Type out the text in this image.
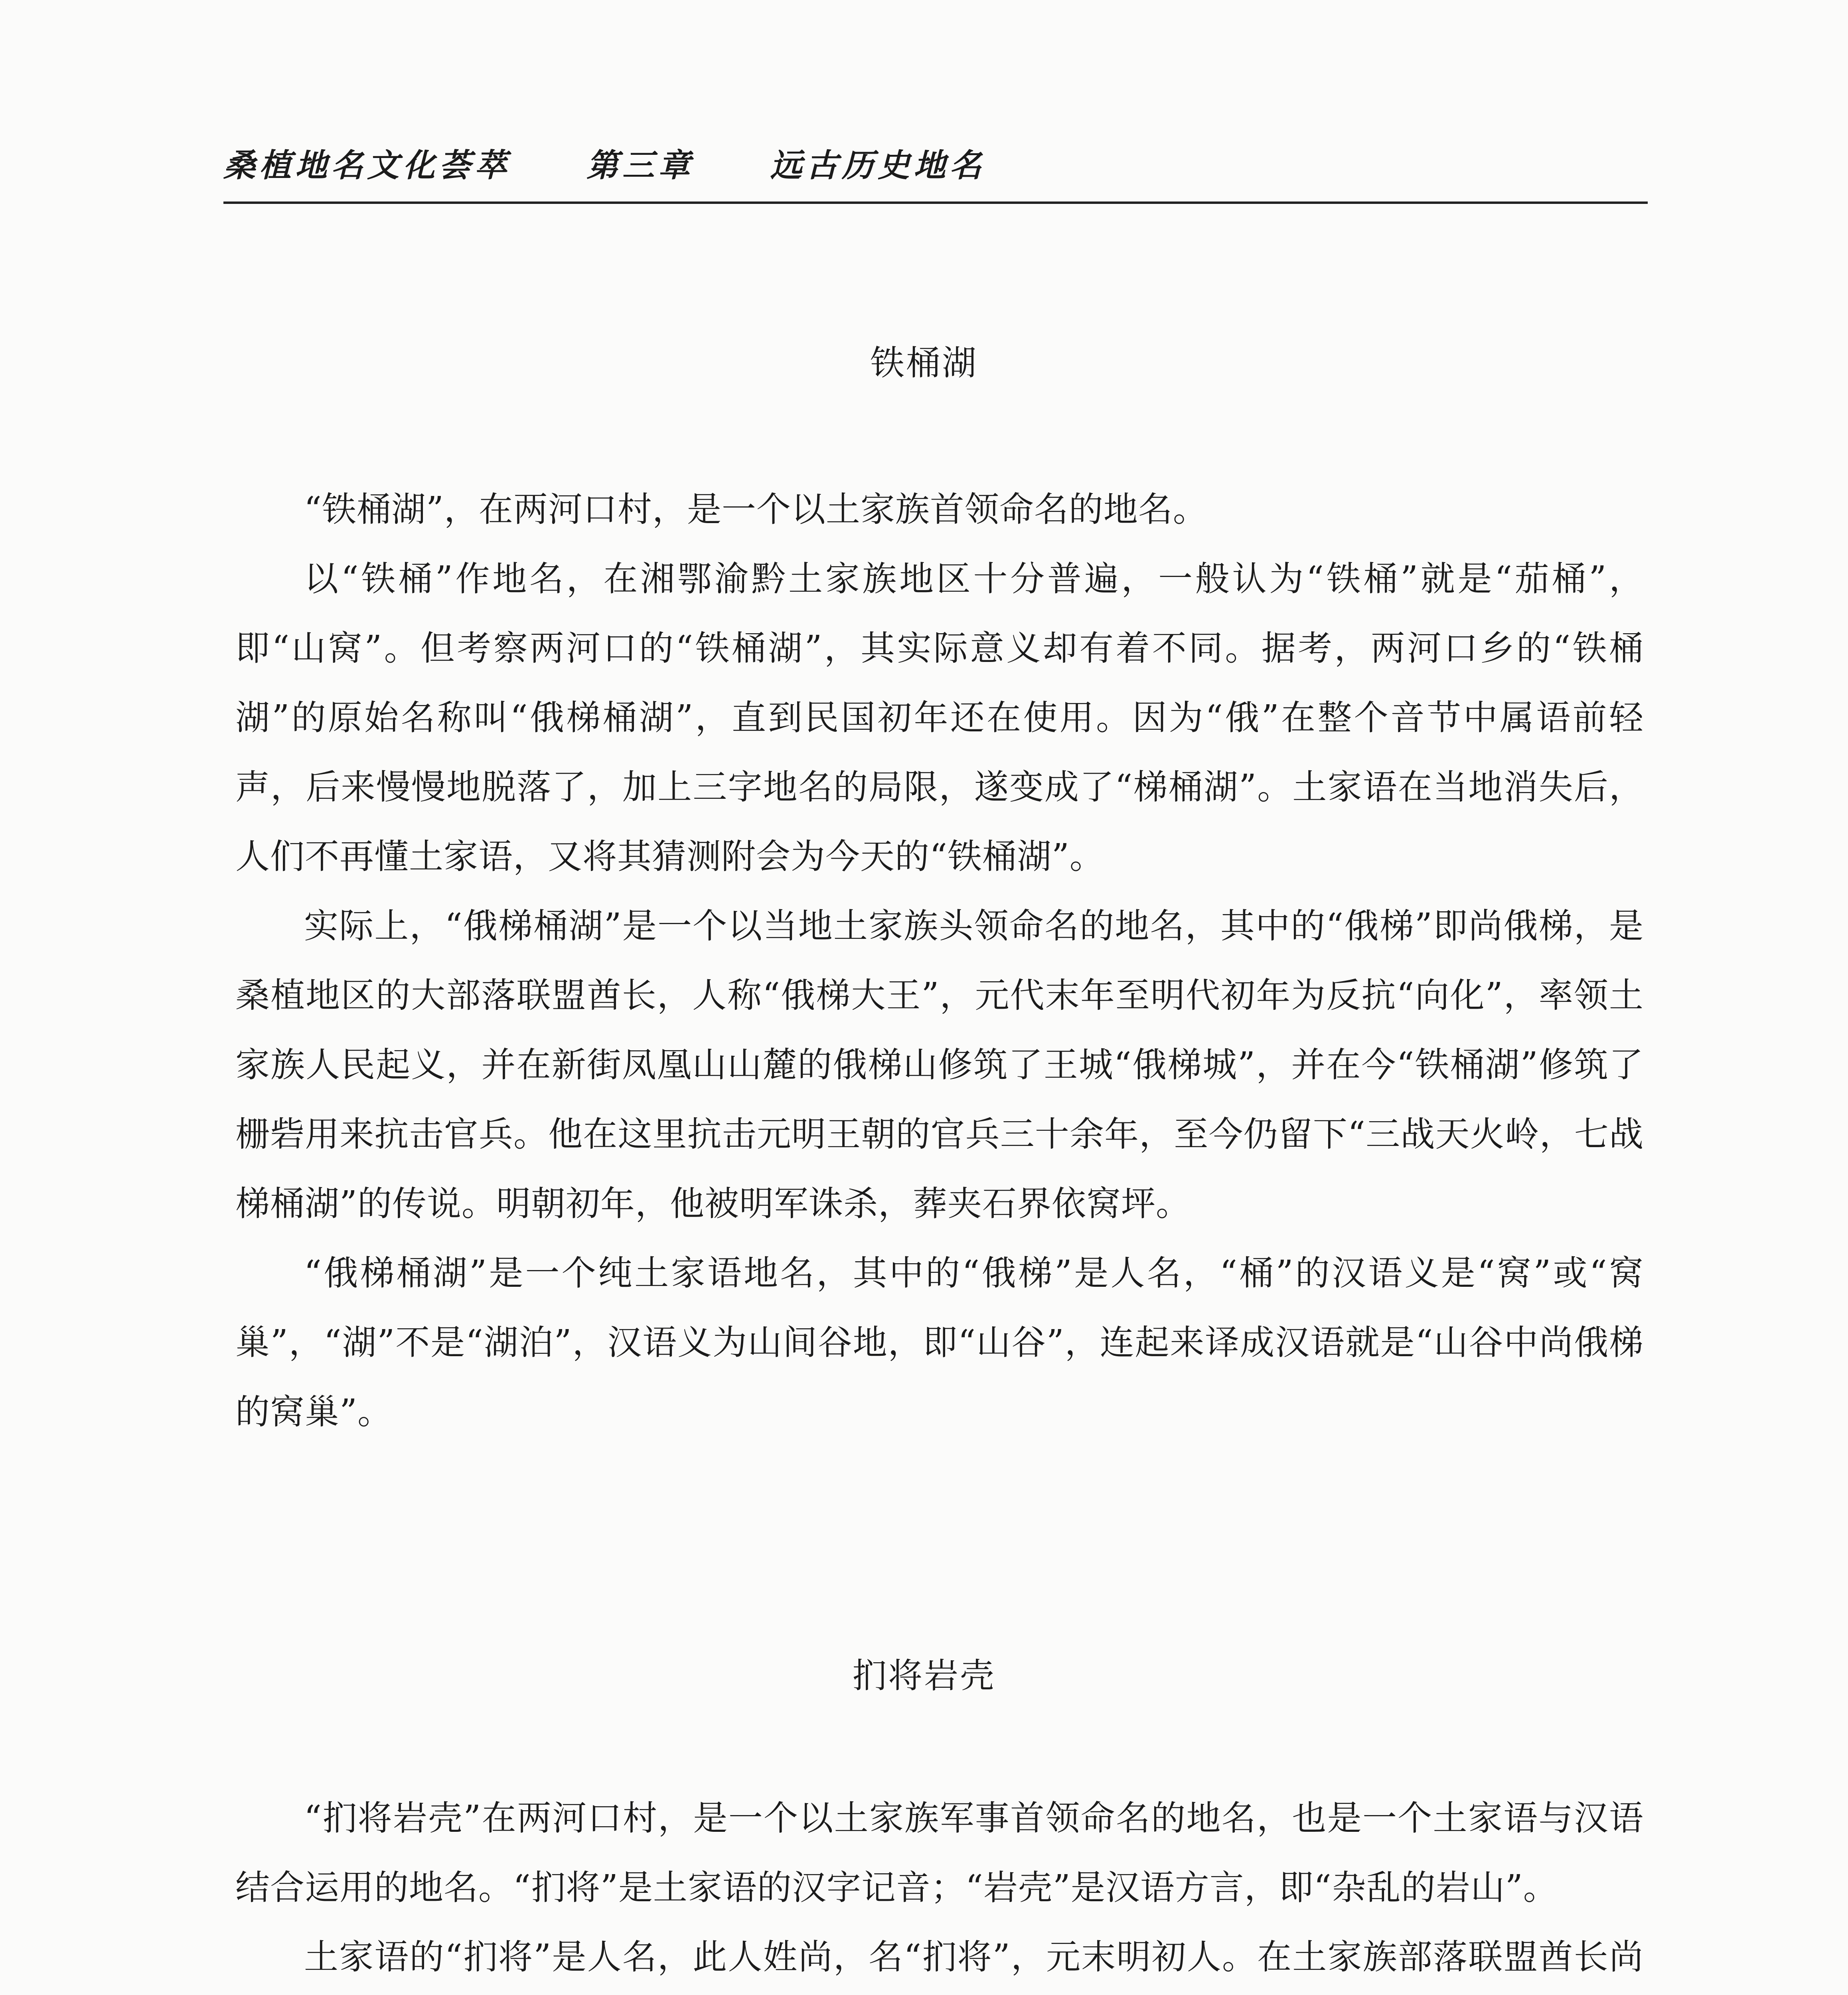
桑植地名文化荟萃 第三章 远古历史地名
铁桶湖

“铁桶湖”，在两河口村，是一个以土家族首领命名的地名。

以“铁桶”作地名，在湘鄂渝黔土家族地区十分普遍，一般认为“铁桶”就是“茄桶”，即“山窝”。但考察两河口的“铁桶湖”，其实际意义却有着不同。据考，两河口乡的“铁桶湖”的原始名称叫“俄梯桶湖”，直到民国初年还在使用。因为“俄”在整个音节中属语前轻声，后来慢慢地脱落了，加上三字地名的局限，遂变成了“梯桶湖”。土家语在当地消失后，人们不再懂土家语，又将其猜测附会为今天的“铁桶湖”。

实际上，“俄梯桶湖”是一个以当地土家族头领命名的地名，其中的“俄梯”即尚俄梯，是桑植地区的大部落联盟酋长，人称“俄梯大王”，元代末年至明代初年为反抗“向化”，率领土家族人民起义，并在新街凤凰山山麓的俄梯山修筑了王城“俄梯城”，并在今“铁桶湖”修筑了栅砦用来抗击官兵。他在这里抗击元明王朝的官兵三十余年，至今仍留下“三战天火岭，七战梯桶湖”的传说。明朝初年，他被明军诛杀，葬夹石界依窝坪。

“俄梯桶湖”是一个纯土家语地名，其中的“俄梯”是人名，“桶”的汉语义是“窝”或“窝巢”，“湖”不是“湖泊”，汉语义为山间谷地，即“山谷”，连起来译成汉语就是“山谷中尚俄梯的窝巢”。

扪将岩壳

“扪将岩壳”在两河口村，是一个以土家族军事首领命名的地名，也是一个土家语与汉语结合运用的地名。“扪将”是土家语的汉字记音；“岩壳”是汉语方言，即“杂乱的岩山”。

土家语的“扪将”是人名，此人姓尚，名“扪将”，元末明初人。在土家族部落联盟酋长尚
